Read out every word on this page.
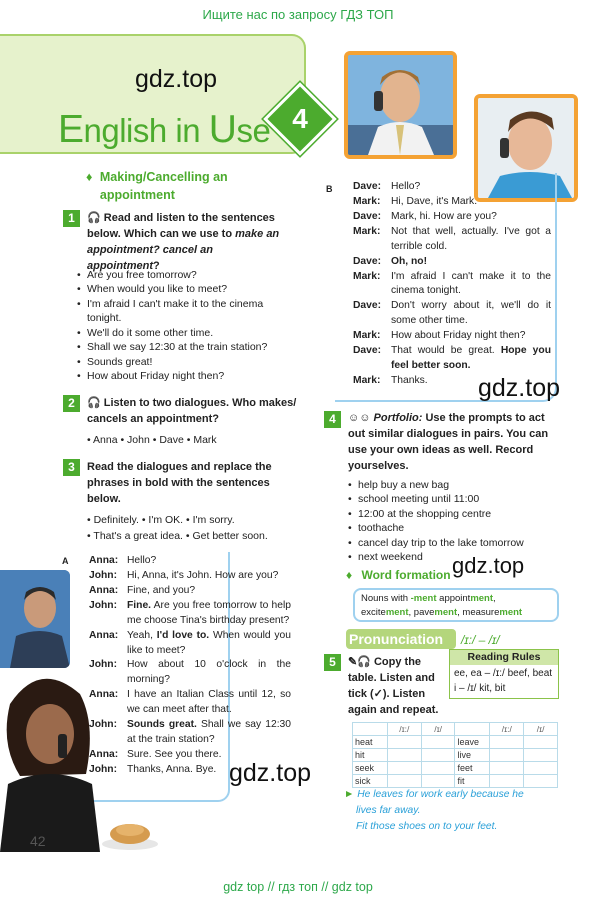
Ищите нас по запросу ГДЗ ТОП
gdz.top
English in Use 4
♦ Making/Cancelling an appointment
1	🎧 Read and listen to the sentences below. Which can we use to make an appointment? cancel an appointment?
• Are you free tomorrow?
• When would you like to meet?
• I'm afraid I can't make it to the cinema tonight.
• We'll do it some other time.
• Shall we say 12:30 at the train station?
• Sounds great!
• How about Friday night then?
2	🎧 Listen to two dialogues. Who makes/ cancels an appointment?
• Anna • John • Dave • Mark
3	Read the dialogues and replace the phrases in bold with the sentences below.
• Definitely. • I'm OK. • I'm sorry.
• That's a great idea. • Get better soon.
A Anna: Hello?
John: Hi, Anna, it's John. How are you?
Anna: Fine, and you?
John: Fine. Are you free tomorrow to help me choose Tina's birthday present?
Anna: Yeah, I'd love to. When would you like to meet?
John: How about 10 o'clock in the morning?
Anna: I have an Italian Class until 12, so we can meet after that.
John: Sounds great. Shall we say 12:30 at the train station?
Anna: Sure. See you there.
John: Thanks, Anna. Bye.
42
B Dave: Hello?
Mark:	Hi, Dave, it's Mark.
Dave: Mark, hi. How are you?
Mark:	Not that well, actually. I've got a terrible cold.
Dave: Oh, no!
Mark:	I'm afraid I can't make it to the cinema tonight.
Dave: Don't worry about it, we'll do it some other time.
Mark:	How about Friday night then?
Dave: That would be great. Hope you feel better soon.
Mark:	Thanks.	gdz.top
4	☺☺ Portfolio: Use the prompts to act out similar dialogues in pairs. You can use your own ideas as well. Record yourselves.
• help buy a new bag
• school meeting until 11:00
• 12:00 at the shopping centre
• toothache
• cancel day trip to the lake tomorrow
• next weekend
♦ Word formation gdz.top
Nouns with -ment appointment,
excitement, pavement, measurement
Pronunciation	/ɪ:/ – /ɪ/
Reading Rules
ee, ea – /ɪ:/ beef, beat
i – /ɪ/ kit, bit
5	✎🎧 Copy the table. Listen and tick (✓). Listen again and repeat.
	/ɪ:/	/ɪ/		/ɪ:/	/ɪ/
heat			leave		
hit			live		
seek			feet		
sick			fit		
► He leaves for work early because he
lives far away.
Fit those shoes on to your feet.
gdz.top
gdz top // гдз топ // gdz top
